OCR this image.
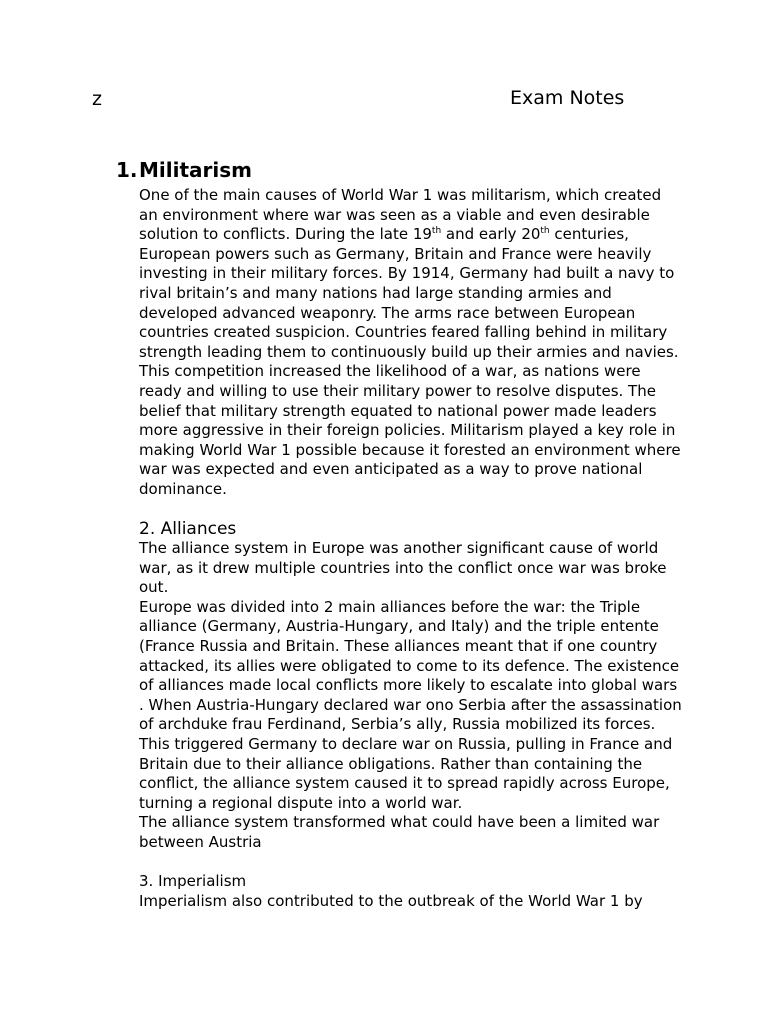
z	Exam Notes
1. Militarism

One of the main causes of World War 1 was militarism, which created an environment where war was seen as a viable and even desirable solution to conflicts. During the late 19th and early 20th centuries, European powers such as Germany, Britain and France were heavily investing in their military forces. By 1914, Germany had built a navy to rival britain’s and many nations had large standing armies and developed advanced weaponry. The arms race between European countries created suspicion. Countries feared falling behind in military strength leading them to continuously build up their armies and navies. This competition increased the likelihood of a war, as nations were ready and willing to use their military power to resolve disputes. The belief that military strength equated to national power made leaders more aggressive in their foreign policies. Militarism played a key role in making World War 1 possible because it forested an environment where war was expected and even anticipated as a way to prove national dominance.

2. Alliances

The alliance system in Europe was another significant cause of world war, as it drew multiple countries into the conflict once war was broke out.

Europe was divided into 2 main alliances before the war: the Triple alliance (Germany, Austria-Hungary, and Italy) and the triple entente (France Russia and Britain. These alliances meant that if one country attacked, its allies were obligated to come to its defence. The existence of alliances made local conflicts more likely to escalate into global wars . When Austria-Hungary declared war ono Serbia after the assassination of archduke frau Ferdinand, Serbia’s ally, Russia mobilized its forces. This triggered Germany to declare war on Russia, pulling in France and Britain due to their alliance obligations. Rather than containing the conflict, the alliance system caused it to spread rapidly across Europe, turning a regional dispute into a world war.

The alliance system transformed what could have been a limited war between Austria

3. Imperialism

Imperialism also contributed to the outbreak of the World War 1 by
